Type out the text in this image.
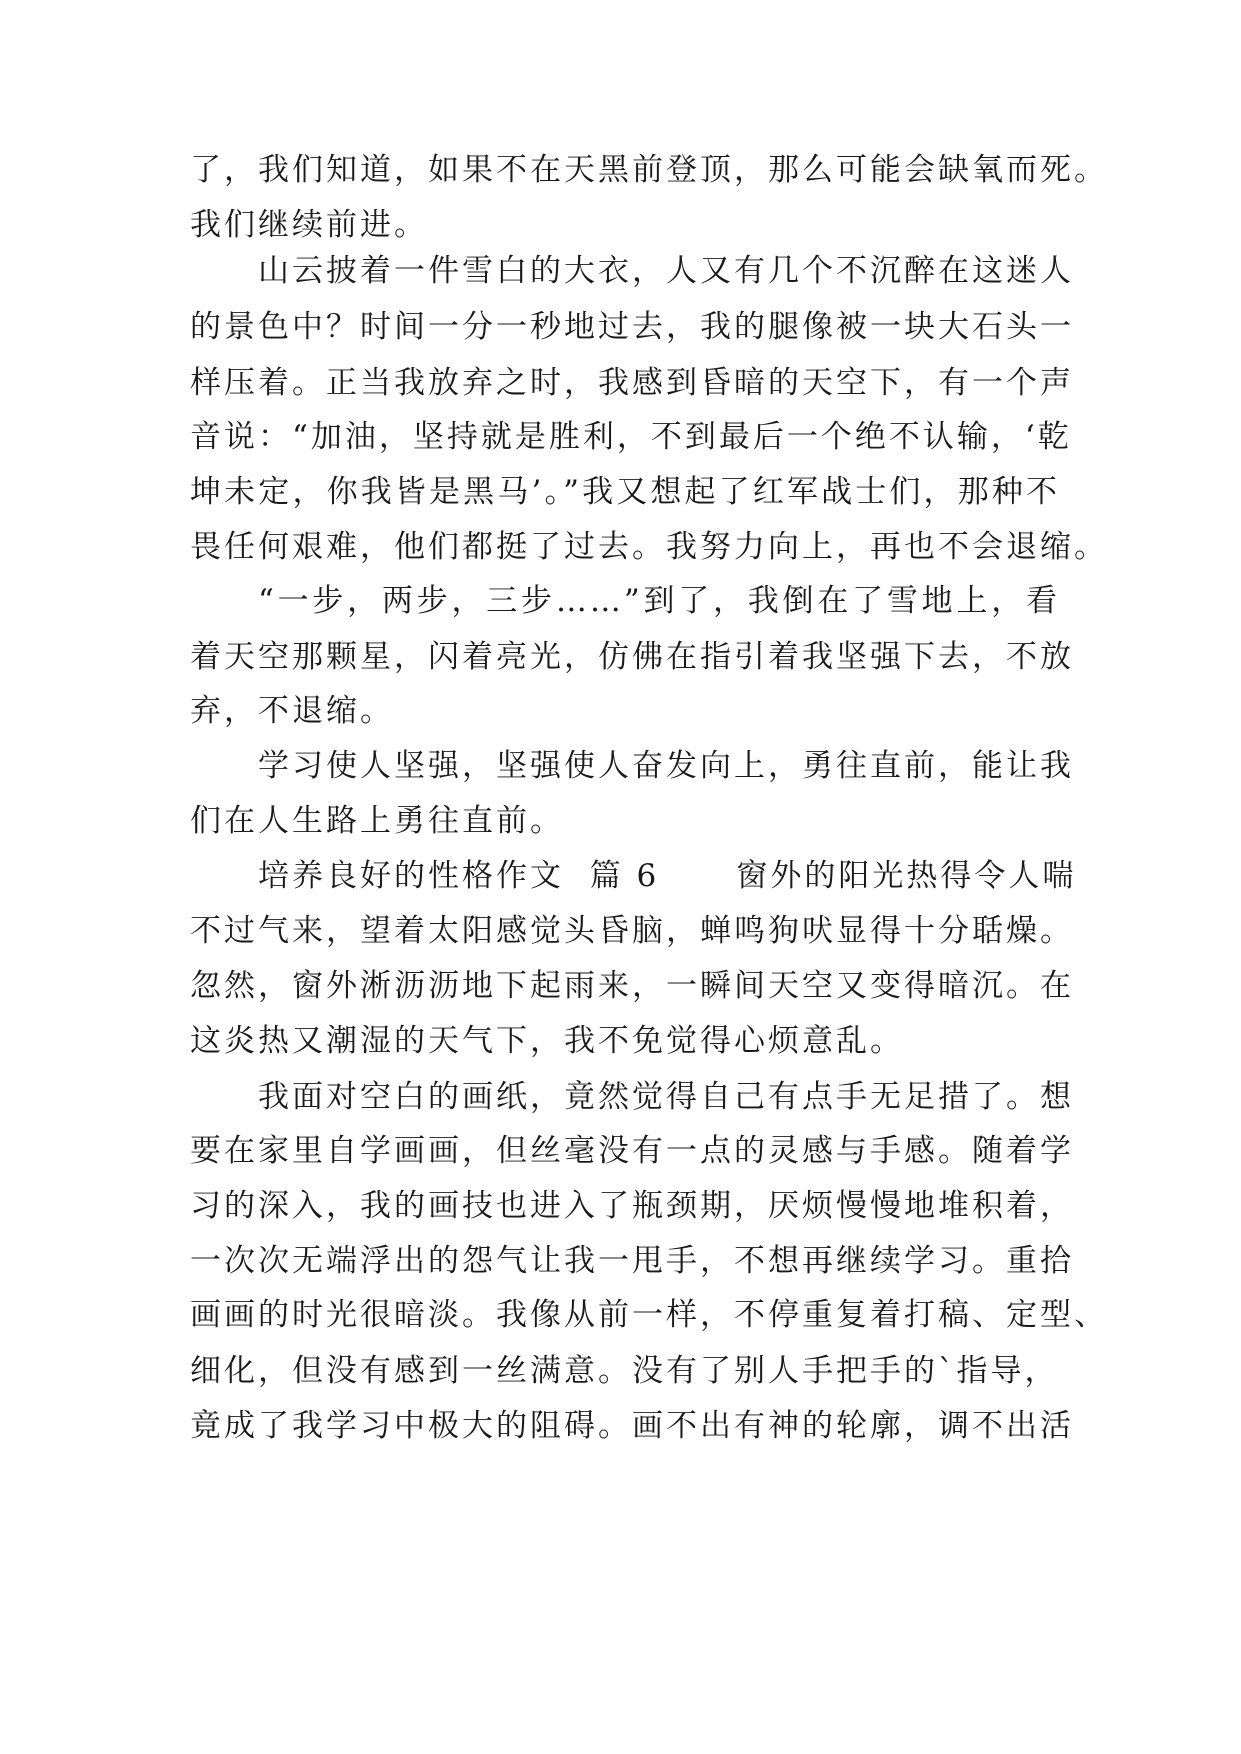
了，我们知道，如果不在天黑前登顶，那么可能会缺氧而死。
我们继续前进。
山云披着一件雪白的大衣，人又有几个不沉醉在这迷人
的景色中？时间一分一秒地过去，我的腿像被一块大石头一
样压着。正当我放弃之时，我感到昏暗的天空下，有一个声
音说：“加油，坚持就是胜利，不到最后一个绝不认输，‘乾
坤未定，你我皆是黑马’。”我又想起了红军战士们，那种不
畏任何艰难，他们都挺了过去。我努力向上，再也不会退缩。
“一步，两步，三步……”到了，我倒在了雪地上，看
着天空那颗星，闪着亮光，仿佛在指引着我坚强下去，不放
弃，不退缩。
学习使人坚强，坚强使人奋发向上，勇往直前，能让我
们在人生路上勇往直前。
培养良好的性格作文  篇 6      窗外的阳光热得令人喘
不过气来，望着太阳感觉头昏脑，蝉鸣狗吠显得十分聒燥。
忽然，窗外淅沥沥地下起雨来，一瞬间天空又变得暗沉。在
这炎热又潮湿的天气下，我不免觉得心烦意乱。
我面对空白的画纸，竟然觉得自己有点手无足措了。想
要在家里自学画画，但丝毫没有一点的灵感与手感。随着学
习的深入，我的画技也进入了瓶颈期，厌烦慢慢地堆积着，
一次次无端浮出的怨气让我一甩手，不想再继续学习。重拾
画画的时光很暗淡。我像从前一样，不停重复着打稿、定型、
细化，但没有感到一丝满意。没有了别人手把手的`指导，
竟成了我学习中极大的阻碍。画不出有神的轮廓，调不出活
